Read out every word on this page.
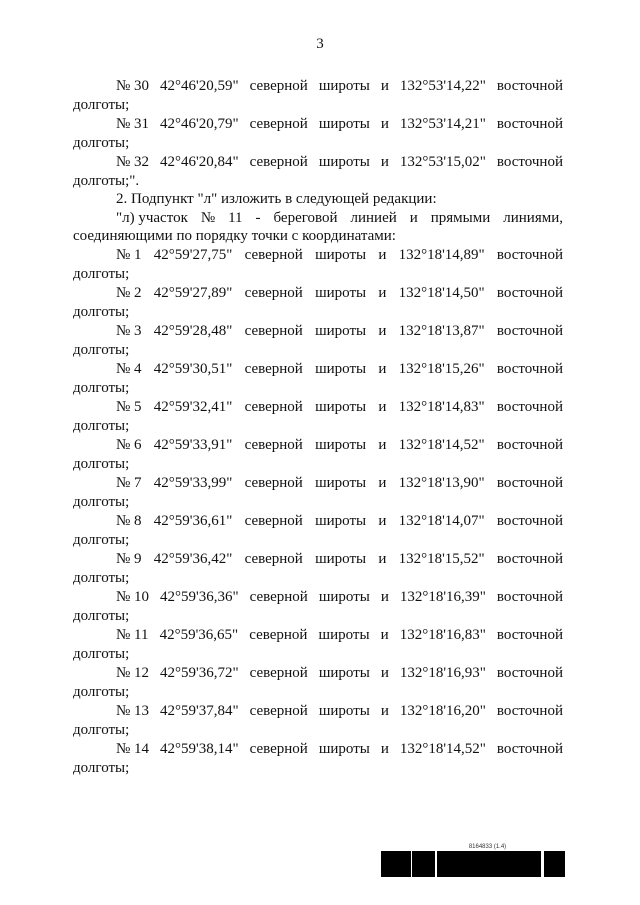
3
№ 30 42°46'20,59" северной широты и 132°53'14,22" восточной
долготы;
№ 31 42°46'20,79" северной широты и 132°53'14,21" восточной
долготы;
№ 32 42°46'20,84" северной широты и 132°53'15,02" восточной
долготы;".
2. Подпункт "л" изложить в следующей редакции:
"л) участок № 11 - береговой линией и прямыми линиями,
соединяющими по порядку точки с координатами:
№ 1 42°59'27,75" северной широты и 132°18'14,89" восточной
долготы;
№ 2 42°59'27,89" северной широты и 132°18'14,50" восточной
долготы;
№ 3 42°59'28,48" северной широты и 132°18'13,87" восточной
долготы;
№ 4 42°59'30,51" северной широты и 132°18'15,26" восточной
долготы;
№ 5 42°59'32,41" северной широты и 132°18'14,83" восточной
долготы;
№ 6 42°59'33,91" северной широты и 132°18'14,52" восточной
долготы;
№ 7 42°59'33,99" северной широты и 132°18'13,90" восточной
долготы;
№ 8 42°59'36,61" северной широты и 132°18'14,07" восточной
долготы;
№ 9 42°59'36,42" северной широты и 132°18'15,52" восточной
долготы;
№ 10 42°59'36,36" северной широты и 132°18'16,39" восточной
долготы;
№ 11 42°59'36,65" северной широты и 132°18'16,83" восточной
долготы;
№ 12 42°59'36,72" северной широты и 132°18'16,93" восточной
долготы;
№ 13 42°59'37,84" северной широты и 132°18'16,20" восточной
долготы;
№ 14 42°59'38,14" северной широты и 132°18'14,52" восточной
долготы;
8164833 (1.4)
